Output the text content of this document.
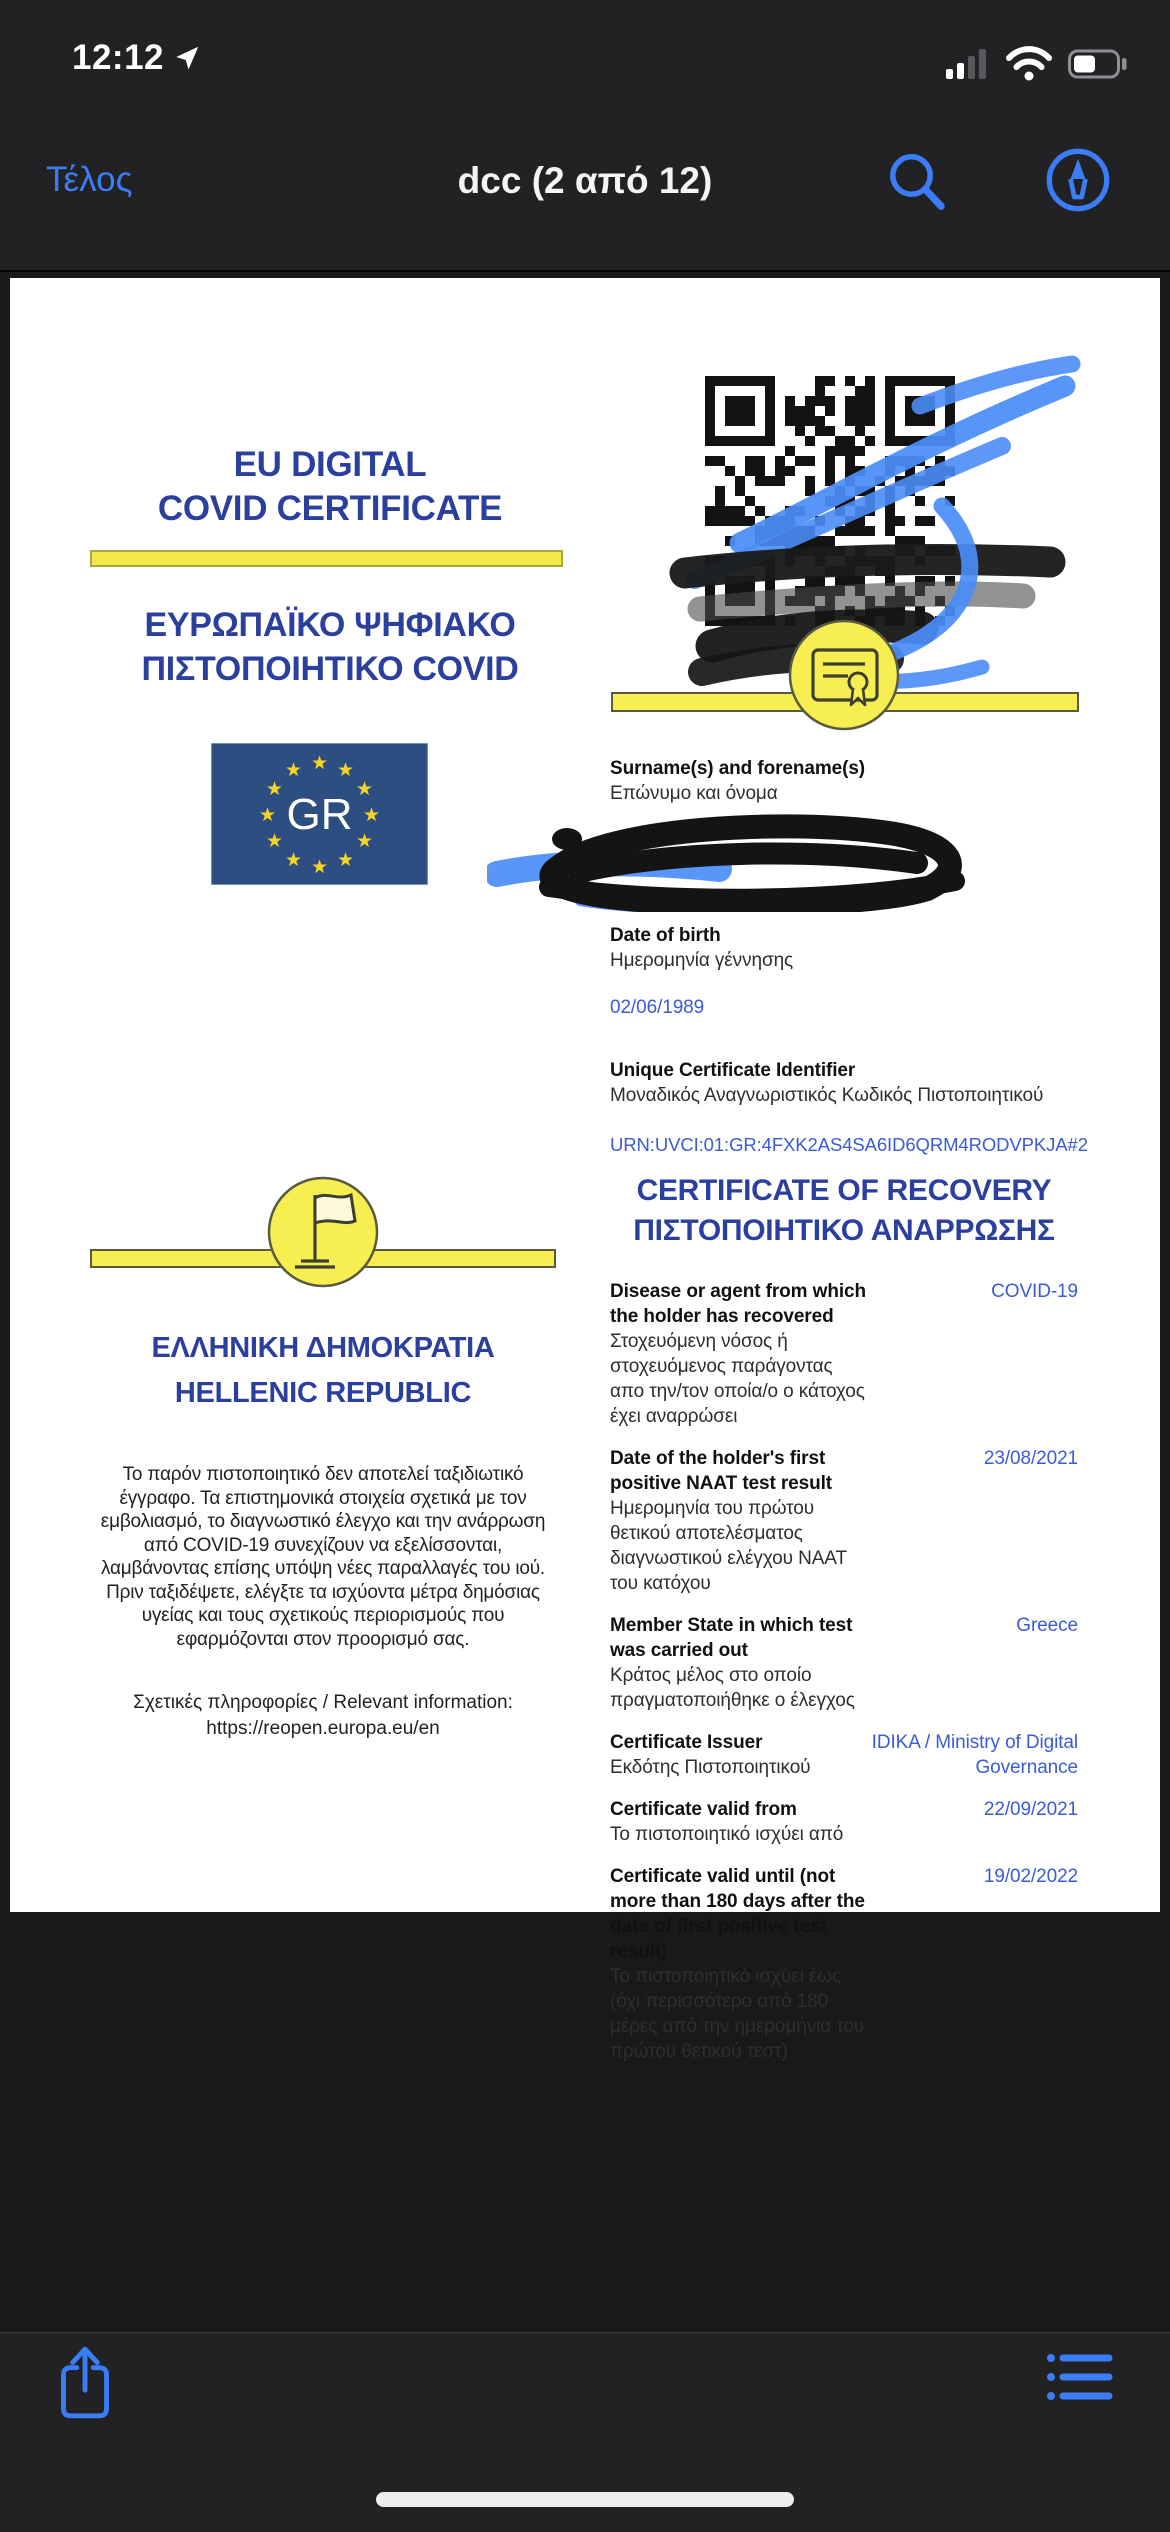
12:12
Τέλος	dcc (2 από 12)
EU DIGITAL
COVID CERTIFICATE
ΕΥΡΩΠΑΪΚΟ ΨΗΦΙΑΚΟ
ΠΙΣΤΟΠΟΙΗΤΙΚΟ COVID
★ ★
★
★
★
★
★
★
★
★
★
★
GR
Surname(s) and forename(s)
Επώνυμο και όνομα
Date of birth
Ημερομηνία γέννησης
02/06/1989
Unique Certificate Identifier
Μοναδικός Αναγνωριστικός Κωδικός Πιστοποιητικού
URN:UVCI:01:GR:4FXK2AS4SA6ID6QRM4RODVPKJA#2
ΕΛΛΗΝΙΚΗ ΔΗΜΟΚΡΑΤΙΑ
HELLENIC REPUBLIC
Το παρόν πιστοποιητικό δεν αποτελεί ταξιδιωτικό έγγραφο. Τα επιστημονικά στοιχεία σχετικά με τον εμβολιασμό, το διαγνωστικό έλεγχο και την ανάρρωση από COVID-19 συνεχίζουν να εξελίσσονται, λαμβάνοντας επίσης υπόψη νέες παραλλαγές του ιού. Πριν ταξιδέψετε, ελέγξτε τα ισχύοντα μέτρα δημόσιας υγείας και τους σχετικούς περιορισμούς που εφαρμόζονται στον προορισμό σας.
Σχετικές πληροφορίες / Relevant information:
https://reopen.europa.eu/en
CERTIFICATE OF RECOVERY
ΠΙΣΤΟΠΟΙΗΤΙΚΟ ΑΝΑΡΡΩΣΗΣ
Disease or agent from which the holder has recovered
Στοχευόμενη νόσος ή στοχευόμενος παράγοντας απο την/τον οποία/ο ο κάτοχος έχει αναρρώσει
COVID-19
Date of the holder's first positive NAAT test result
Ημερομηνία του πρώτου θετικού αποτελέσματος διαγνωστικού ελέγχου NAAT του κατόχου
23/08/2021
Member State in which test was carried out
Κράτος μέλος στο οποίο πραγματοποιήθηκε ο έλεγχος
Greece
Certificate Issuer
Εκδότης Πιστοποιητικού
IDIKA / Ministry of Digital Governance
Certificate valid from
Το πιστοποιητικό ισχύει από
22/09/2021
Certificate valid until (not more than 180 days after the date of first positive test result)
Το πιστοποιητικό ισχύει έως (όχι περισσότερο από 180 μέρες από την ημερομήνια του πρώτου θετικού τεστ)
19/02/2022
